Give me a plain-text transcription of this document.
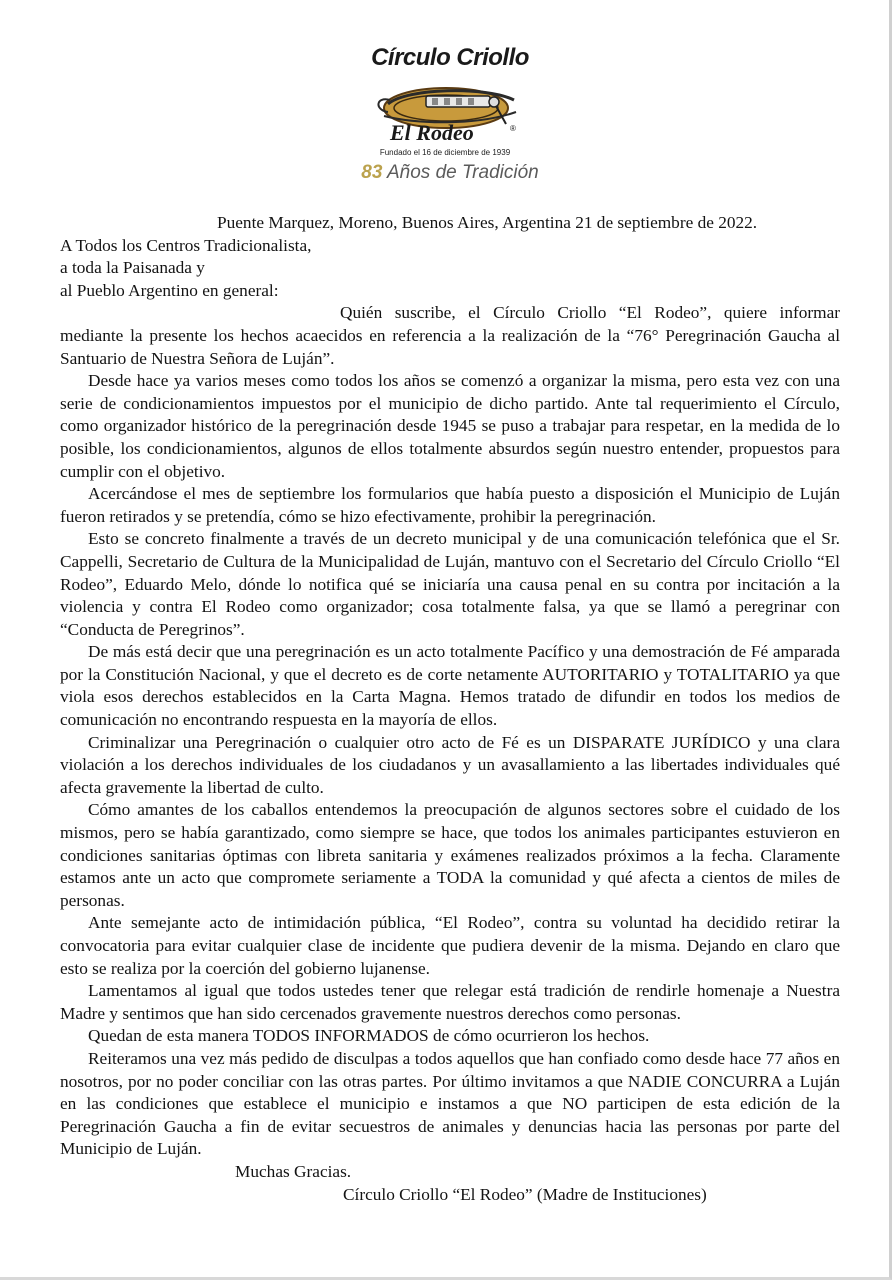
Círculo Criollo
El Rodeo	®
Fundado el 16 de diciembre de 1939
83 Años de Tradición

Puente Marquez, Moreno, Buenos Aires, Argentina 21 de septiembre de 2022.

A Todos los Centros Tradicionalista,

a toda la Paisanada y

al Pueblo Argentino en general:

Quién suscribe, el Círculo Criollo “El Rodeo”, quiere informar mediante la presente los hechos acaecidos en referencia a la realización de la “76° Peregrinación Gaucha al Santuario de Nuestra Señora de Luján”.

Desde hace ya varios meses como todos los años se comenzó a organizar la misma, pero esta vez con una serie de condicionamientos impuestos por el municipio de dicho partido. Ante tal requerimiento el Círculo, como organizador histórico de la peregrinación desde 1945 se puso a trabajar para respetar, en la medida de lo posible, los condicionamientos, algunos de ellos totalmente absurdos según nuestro entender, propuestos para cumplir con el objetivo.

Acercándose el mes de septiembre los formularios que había puesto a disposición el Municipio de Luján fueron retirados y se pretendía, cómo se hizo efectivamente, prohibir la peregrinación.

Esto se concreto finalmente a través de un decreto municipal y de una comunicación telefónica que el Sr. Cappelli, Secretario de Cultura de la Municipalidad de Luján, mantuvo con el Secretario del Círculo Criollo “El Rodeo”, Eduardo Melo, dónde lo notifica qué se iniciaría una causa penal en su contra por incitación a la violencia y contra El Rodeo como organizador; cosa totalmente falsa, ya que se llamó a peregrinar con “Conducta de Peregrinos”.

De más está decir que una peregrinación es un acto totalmente Pacífico y una demostración de Fé amparada por la Constitución Nacional, y que el decreto es de corte netamente AUTORITARIO y TOTALITARIO ya que viola esos derechos establecidos en la Carta Magna. Hemos tratado de difundir en todos los medios de comunicación no encontrando respuesta en la mayoría de ellos.

Criminalizar una Peregrinación o cualquier otro acto de Fé es un DISPARATE JURÍDICO y una clara violación a los derechos individuales de los ciudadanos y un avasallamiento a las libertades individuales qué afecta gravemente la libertad de culto.

Cómo amantes de los caballos entendemos la preocupación de algunos sectores sobre el cuidado de los mismos, pero se había garantizado, como siempre se hace, que todos los animales participantes estuvieron en condiciones sanitarias óptimas con libreta sanitaria y exámenes realizados próximos a la fecha. Claramente estamos ante un acto que compromete seriamente a TODA la comunidad y qué afecta a cientos de miles de personas.

Ante semejante acto de intimidación pública, “El Rodeo”, contra su voluntad ha decidido retirar la convocatoria para evitar cualquier clase de incidente que pudiera devenir de la misma. Dejando en claro que esto se realiza por la coerción del gobierno lujanense.

Lamentamos al igual que todos ustedes tener que relegar está tradición de rendirle homenaje a Nuestra Madre y sentimos que han sido cercenados gravemente nuestros derechos como personas.

Quedan de esta manera TODOS INFORMADOS de cómo ocurrieron los hechos.

Reiteramos una vez más pedido de disculpas a todos aquellos que han confiado como desde hace 77 años en nosotros, por no poder conciliar con las otras partes. Por último invitamos a que NADIE CONCURRA a Luján en las condiciones que establece el municipio e instamos a que NO participen de esta edición de la Peregrinación Gaucha a fin de evitar secuestros de animales y denuncias hacia las personas por parte del Municipio de Luján.

Muchas Gracias.

Círculo Criollo “El Rodeo” (Madre de Instituciones)
